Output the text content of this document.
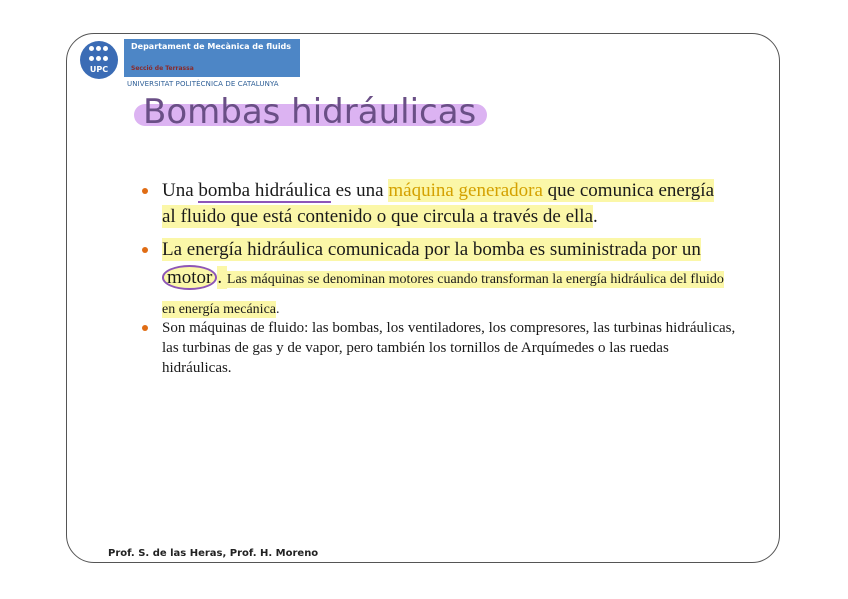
UPC
Departament de Mecànica de fluids
Secció de Terrassa
UNIVERSITAT POLITÈCNICA DE CATALUNYA
Bombas hidráulicas
Una bomba hidráulica es una máquina generadora que comunica energía al fluido que está contenido o que circula a través de ella.
La energía hidráulica comunicada por la bomba es suministrada por un motor . Las máquinas se denominan motores cuando transforman la energía hidráulica del fluido en energía mecánica.
Son máquinas de fluido: las bombas, los ventiladores, los compresores, las turbinas hidráulicas, las turbinas de gas y de vapor, pero también los tornillos de Arquímedes o las ruedas hidráulicas.
Prof. S. de las Heras, Prof. H. Moreno
